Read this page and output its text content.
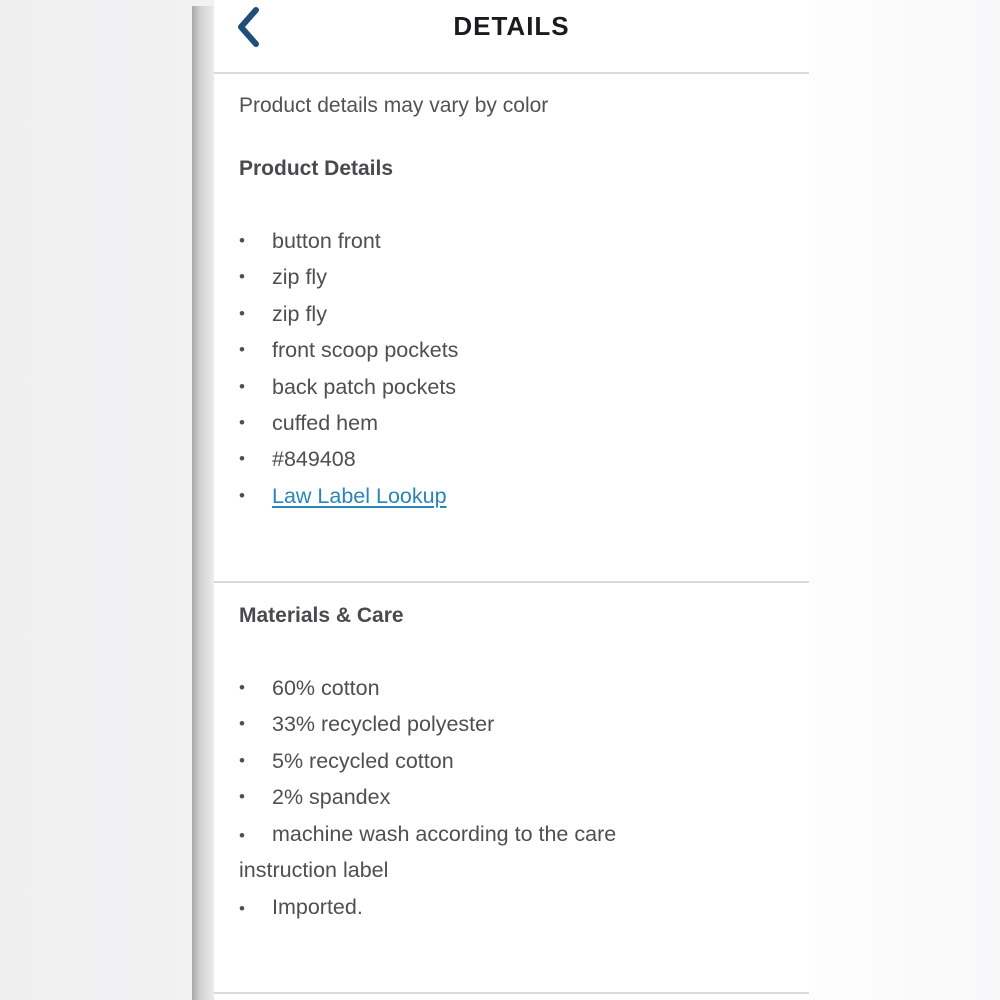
DETAILS
Product details may vary by color
Product Details
• button front
• zip fly
• zip fly
• front scoop pockets
• back patch pockets
• cuffed hem
• #849408
• Law Label Lookup
Materials & Care
• 60% cotton
• 33% recycled polyester
• 5% recycled cotton
• 2% spandex
• machine wash according to the care
instruction label
• Imported.
